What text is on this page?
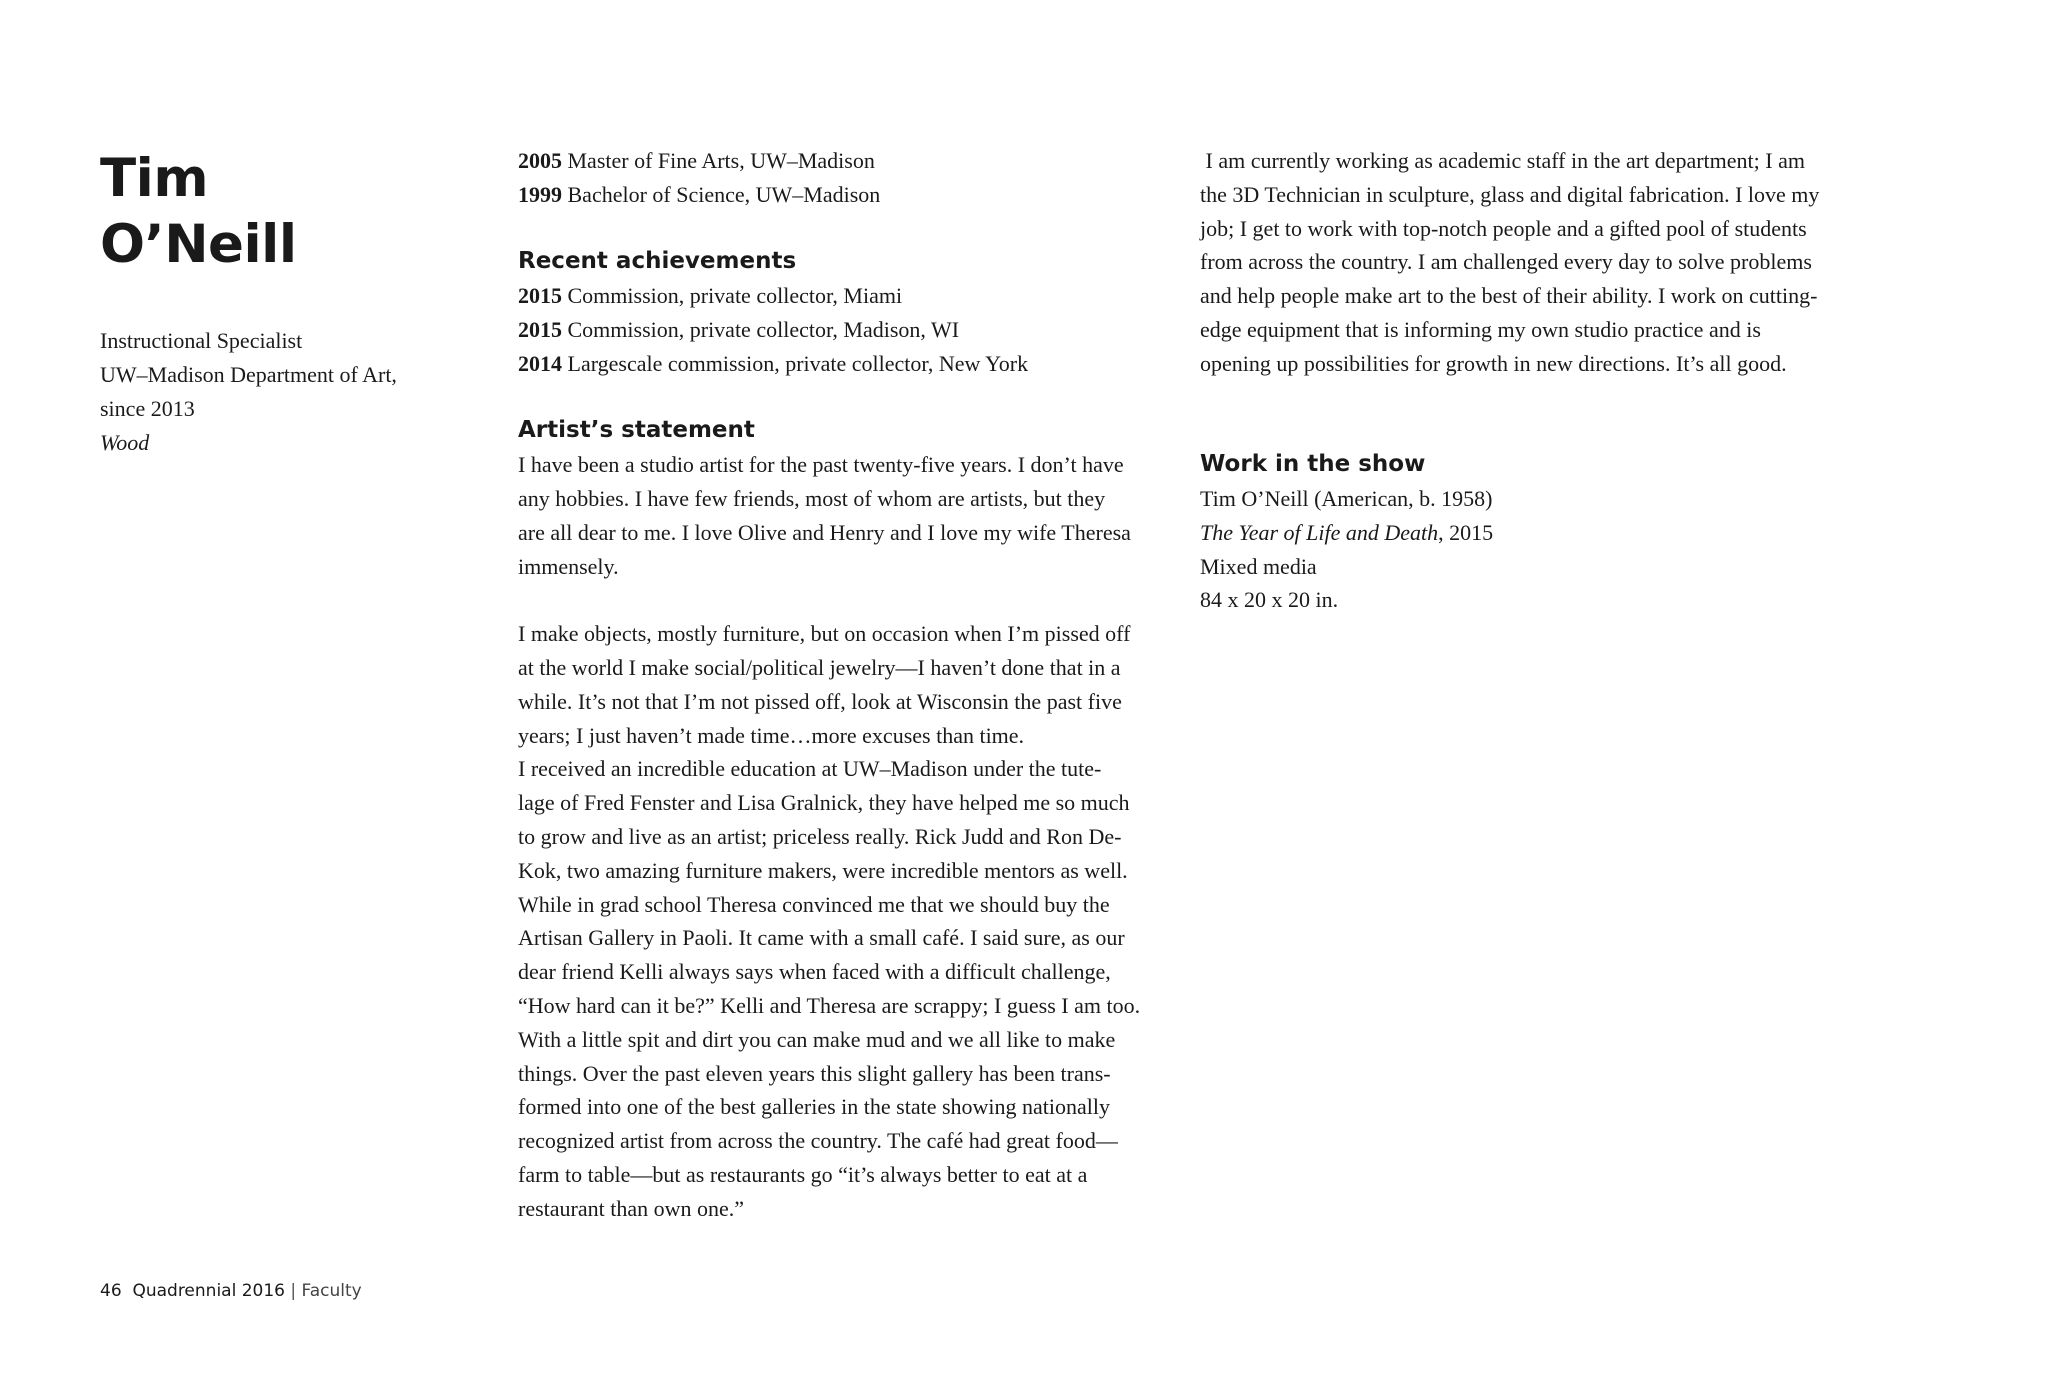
Tim
O’Neill
Instructional Specialist
UW–Madison Department of Art,
since 2013
Wood
2005 Master of Fine Arts, UW–Madison
1999 Bachelor of Science, UW–Madison
Recent achievements
2015 Commission, private collector, Miami
2015 Commission, private collector, Madison, WI
2014 Largescale commission, private collector, New York
Artist’s statement
I have been a studio artist for the past twenty-five years. I don’t have
any hobbies. I have few friends, most of whom are artists, but they
are all dear to me. I love Olive and Henry and I love my wife Theresa
immensely.
I make objects, mostly furniture, but on occasion when I’m pissed off
at the world I make social/political jewelry—I haven’t done that in a
while. It’s not that I’m not pissed off, look at Wisconsin the past five
years; I just haven’t made time…more excuses than time.
I received an incredible education at UW–Madison under the tute-
lage of Fred Fenster and Lisa Gralnick, they have helped me so much
to grow and live as an artist; priceless really. Rick Judd and Ron De-
Kok, two amazing furniture makers, were incredible mentors as well.
While in grad school Theresa convinced me that we should buy the
Artisan Gallery in Paoli. It came with a small café. I said sure, as our
dear friend Kelli always says when faced with a difficult challenge,
“How hard can it be?” Kelli and Theresa are scrappy; I guess I am too.
With a little spit and dirt you can make mud and we all like to make
things. Over the past eleven years this slight gallery has been trans-
formed into one of the best galleries in the state showing nationally
recognized artist from across the country. The café had great food—
farm to table—but as restaurants go “it’s always better to eat at a
restaurant than own one.”
I am currently working as academic staff in the art department; I am
the 3D Technician in sculpture, glass and digital fabrication. I love my
job; I get to work with top-notch people and a gifted pool of students
from across the country. I am challenged every day to solve problems
and help people make art to the best of their ability. I work on cutting-
edge equipment that is informing my own studio practice and is
opening up possibilities for growth in new directions. It’s all good.
Work in the show
Tim O’Neill (American, b. 1958)
The Year of Life and Death, 2015
Mixed media
84 x 20 x 20 in.
46 Quadrennial 2016 | Faculty
